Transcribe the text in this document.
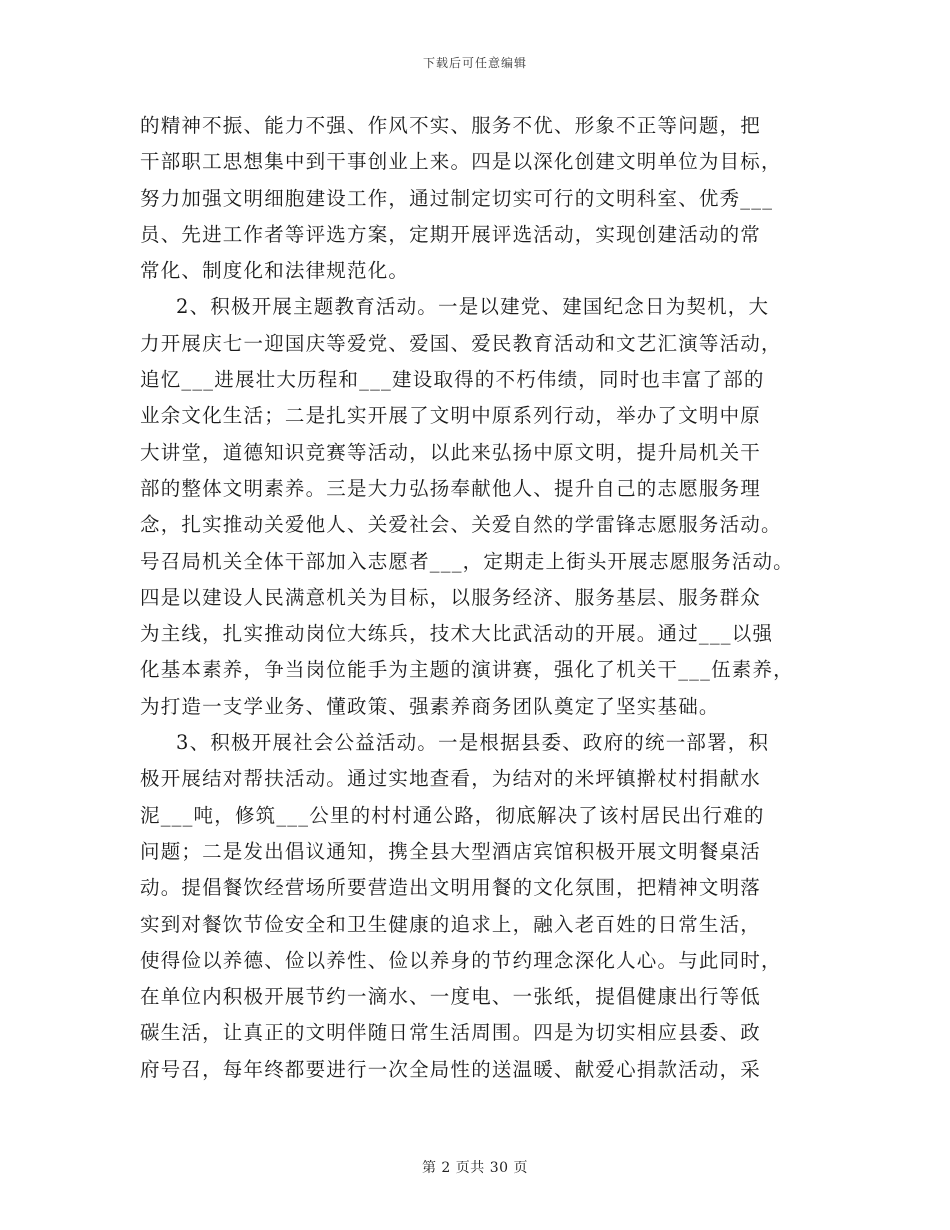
下载后可任意编辑
的精神不振、能力不强、作风不实、服务不优、形象不正等问题，把
干部职工思想集中到干事创业上来。四是以深化创建文明单位为目标，
努力加强文明细胞建设工作，通过制定切实可行的文明科室、优秀___
员、先进工作者等评选方案，定期开展评选活动，实现创建活动的常
常化、制度化和法律规范化。
2、积极开展主题教育活动。一是以建党、建国纪念日为契机，大
力开展庆七一迎国庆等爱党、爱国、爱民教育活动和文艺汇演等活动，
追忆___进展壮大历程和___建设取得的不朽伟绩，同时也丰富了部的
业余文化生活；二是扎实开展了文明中原系列行动，举办了文明中原
大讲堂，道德知识竞赛等活动，以此来弘扬中原文明，提升局机关干
部的整体文明素养。三是大力弘扬奉献他人、提升自己的志愿服务理
念，扎实推动关爱他人、关爱社会、关爱自然的学雷锋志愿服务活动。
号召局机关全体干部加入志愿者___，定期走上街头开展志愿服务活动。
四是以建设人民满意机关为目标，以服务经济、服务基层、服务群众
为主线，扎实推动岗位大练兵，技术大比武活动的开展。通过___以强
化基本素养，争当岗位能手为主题的演讲赛，强化了机关干___伍素养，
为打造一支学业务、懂政策、强素养商务团队奠定了坚实基础。
3、积极开展社会公益活动。一是根据县委、政府的统一部署，积
极开展结对帮扶活动。通过实地查看，为结对的米坪镇擀杖村捐献水
泥___吨，修筑___公里的村村通公路，彻底解决了该村居民出行难的
问题；二是发出倡议通知，携全县大型酒店宾馆积极开展文明餐桌活
动。提倡餐饮经营场所要营造出文明用餐的文化氛围，把精神文明落
实到对餐饮节俭安全和卫生健康的追求上，融入老百姓的日常生活，
使得俭以养德、俭以养性、俭以养身的节约理念深化人心。与此同时，
在单位内积极开展节约一滴水、一度电、一张纸，提倡健康出行等低
碳生活，让真正的文明伴随日常生活周围。四是为切实相应县委、政
府号召，每年终都要进行一次全局性的送温暖、献爱心捐款活动，采
第 2 页共 30 页
